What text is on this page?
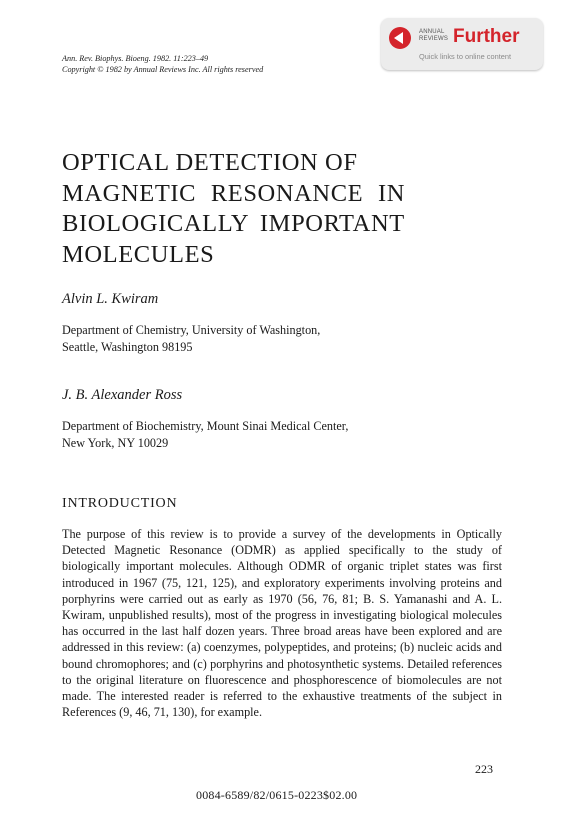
Ann. Rev. Biophys. Bioeng. 1982. 11:223–49
Copyright © 1982 by Annual Reviews Inc. All rights reserved
ANNUAL
REVIEWS Further
Quick links to online content
OPTICAL DETECTION OF
MAGNETIC RESONANCE IN
BIOLOGICALLY IMPORTANT
MOLECULES
Alvin L. Kwiram
Department of Chemistry, University of Washington,
Seattle, Washington 98195
J. B. Alexander Ross
Department of Biochemistry, Mount Sinai Medical Center,
New York, NY 10029
INTRODUCTION

The purpose of this review is to provide a survey of the developments in Optically Detected Magnetic Resonance (ODMR) as applied specifically to the study of biologically important molecules. Although ODMR of organic triplet states was first introduced in 1967 (75, 121, 125), and exploratory experiments involving proteins and porphyrins were carried out as early as 1970 (56, 76, 81; B. S. Yamanashi and A. L. Kwiram, unpublished results), most of the progress in investigating biological molecules has occurred in the last half dozen years. Three broad areas have been explored and are addressed in this review: (a) coenzymes, polypeptides, and proteins; (b) nucleic acids and bound chromophores; and (c) porphyrins and photosynthetic systems. Detailed references to the original literature on fluorescence and phosphorescence of biomolecules are not made. The interested reader is referred to the exhaustive treatments of the subject in References (9, 46, 71, 130), for example.

223
0084-6589/82/0615-0223$02.00
